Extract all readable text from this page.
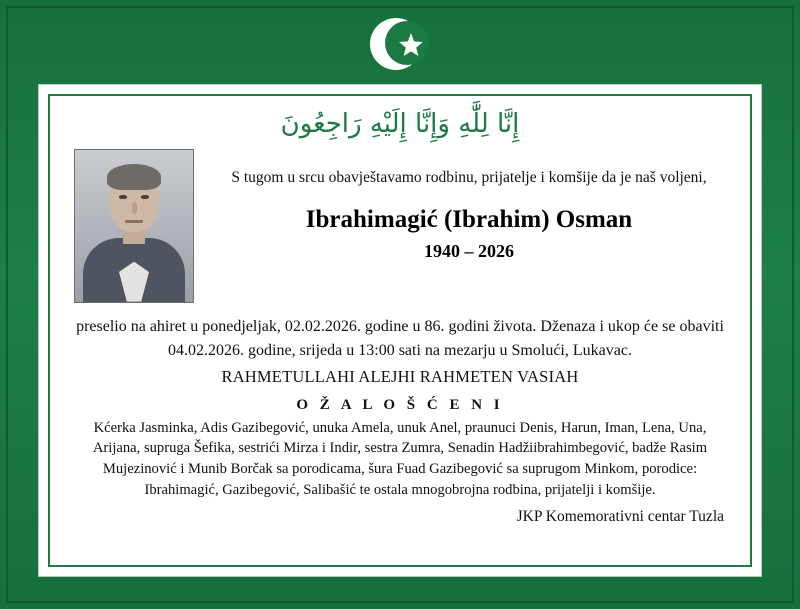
إِنَّا لِلَّٰهِ وَإِنَّا إِلَيْهِ رَاجِعُونَ
S tugom u srcu obavještavamo rodbinu, prijatelje i komšije da je naš voljeni,
Ibrahimagić (Ibrahim) Osman
1940 – 2026
preselio na ahiret u ponedjeljak, 02.02.2026. godine u 86. godini života. Dženaza i ukop će se obaviti 04.02.2026. godine, srijeda u 13:00 sati na mezarju u Smolući, Lukavac.
RAHMETULLAHI ALEJHI RAHMETEN VASIAH
O Ž A L O Š Ć E N I
Kćerka Jasminka, Adis Gazibegović, unuka Amela, unuk Anel, praunuci Denis, Harun, Iman, Lena, Una, Arijana, supruga Šefika, sestrići Mirza i Indir, sestra Zumra, Senadin Hadžiibrahimbegović, badže Rasim Mujezinović i Munib Borčak sa porodicama, šura Fuad Gazibegović sa suprugom Minkom, porodice: Ibrahimagić, Gazibegović, Salibašić te ostala mnogobrojna rodbina, prijatelji i komšije.
JKP Komemorativni centar Tuzla
